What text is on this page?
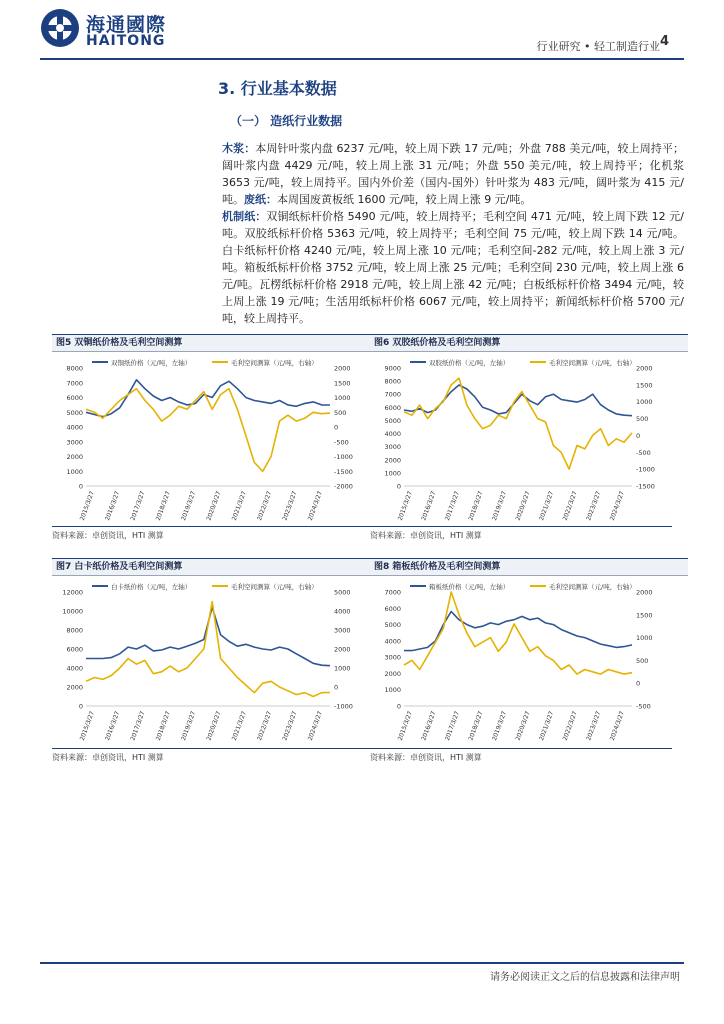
海通國際
HAITONG	行业研究 • 轻工制造行业 4
3. 行业基本数据
（一） 造纸行业数据
木浆：本周针叶浆内盘 6237 元/吨，较上周下跌 17 元/吨；外盘 788 美元/吨，较上周持平；阔叶浆内盘 4429 元/吨，较上周上涨 31 元/吨；外盘 550 美元/吨，较上周持平；化机浆 3653 元/吨，较上周持平。国内外价差（国内-国外）针叶浆为 483 元/吨，阔叶浆为 415 元/吨。废纸：本周国废黄板纸 1600 元/吨，较上周上涨 9 元/吨。
机制纸：双铜纸标杆价格 5490 元/吨，较上周持平；毛利空间 471 元/吨，较上周下跌 12 元/吨。双胶纸标杆价格 5363 元/吨，较上周持平；毛利空间 75 元/吨，较上周下跌 14 元/吨。白卡纸标杆价格 4240 元/吨，较上周上涨 10 元/吨；毛利空间-282 元/吨，较上周上涨 3 元/吨。箱板纸标杆价格 3752 元/吨，较上周上涨 25 元/吨；毛利空间 230 元/吨，较上周上涨 6 元/吨。瓦楞纸标杆价格 2918 元/吨，较上周上涨 42 元/吨；白板纸标杆价格 3494 元/吨，较上周上涨 19 元/吨；生活用纸标杆价格 6067 元/吨，较上周持平；新闻纸标杆价格 5700 元/吨，较上周持平。
图5 双铜纸价格及毛利空间测算
双铜纸价格（元/吨，左轴）	毛利空间测算（元/吨，右轴）
0
1000
2000
3000
4000
5000
6000
7000
8000
-2000
-1500
-1000
-500
0
500
1000
1500
2000
2015/3/27 2016/3/27 2017/3/27 2018/3/27 2019/3/27 2020/3/27 2021/3/27 2022/3/27 2023/3/27 2024/3/27
资料来源：卓创资讯，HTI 测算
图6 双胶纸价格及毛利空间测算
双胶纸价格（元/吨，左轴）	毛利空间测算（元/吨，右轴）
0
1000
2000
3000
4000
5000
6000
7000
8000
9000
-1500
-1000
-500
0
500
1000
1500
2000
2015/3/27 2016/3/27 2017/3/27 2018/3/27 2019/3/27 2020/3/27 2021/3/27 2022/3/27 2023/3/27 2024/3/27
资料来源：卓创资讯，HTI 测算
图7 白卡纸价格及毛利空间测算
白卡纸价格（元/吨，左轴）	毛利空间测算（元/吨，右轴）
0
2000
4000
6000
8000
10000
12000
-1000
0
1000
2000
3000
4000
5000
2015/3/27 2016/3/27 2017/3/27 2018/3/27 2019/3/27 2020/3/27 2021/3/27 2022/3/27 2023/3/27 2024/3/27
资料来源：卓创资讯，HTI 测算
图8 箱板纸价格及毛利空间测算
箱板纸价格（元/吨，左轴）	毛利空间测算（元/吨，右轴）
0
1000
2000
3000
4000
5000
6000
7000
-500
0
500
1000
1500
2000
2015/3/27 2016/3/27 2017/3/27 2018/3/27 2019/3/27 2020/3/27 2021/3/27 2022/3/27 2023/3/27 2024/3/27
资料来源：卓创资讯，HTI 测算
请务必阅读正文之后的信息披露和法律声明
